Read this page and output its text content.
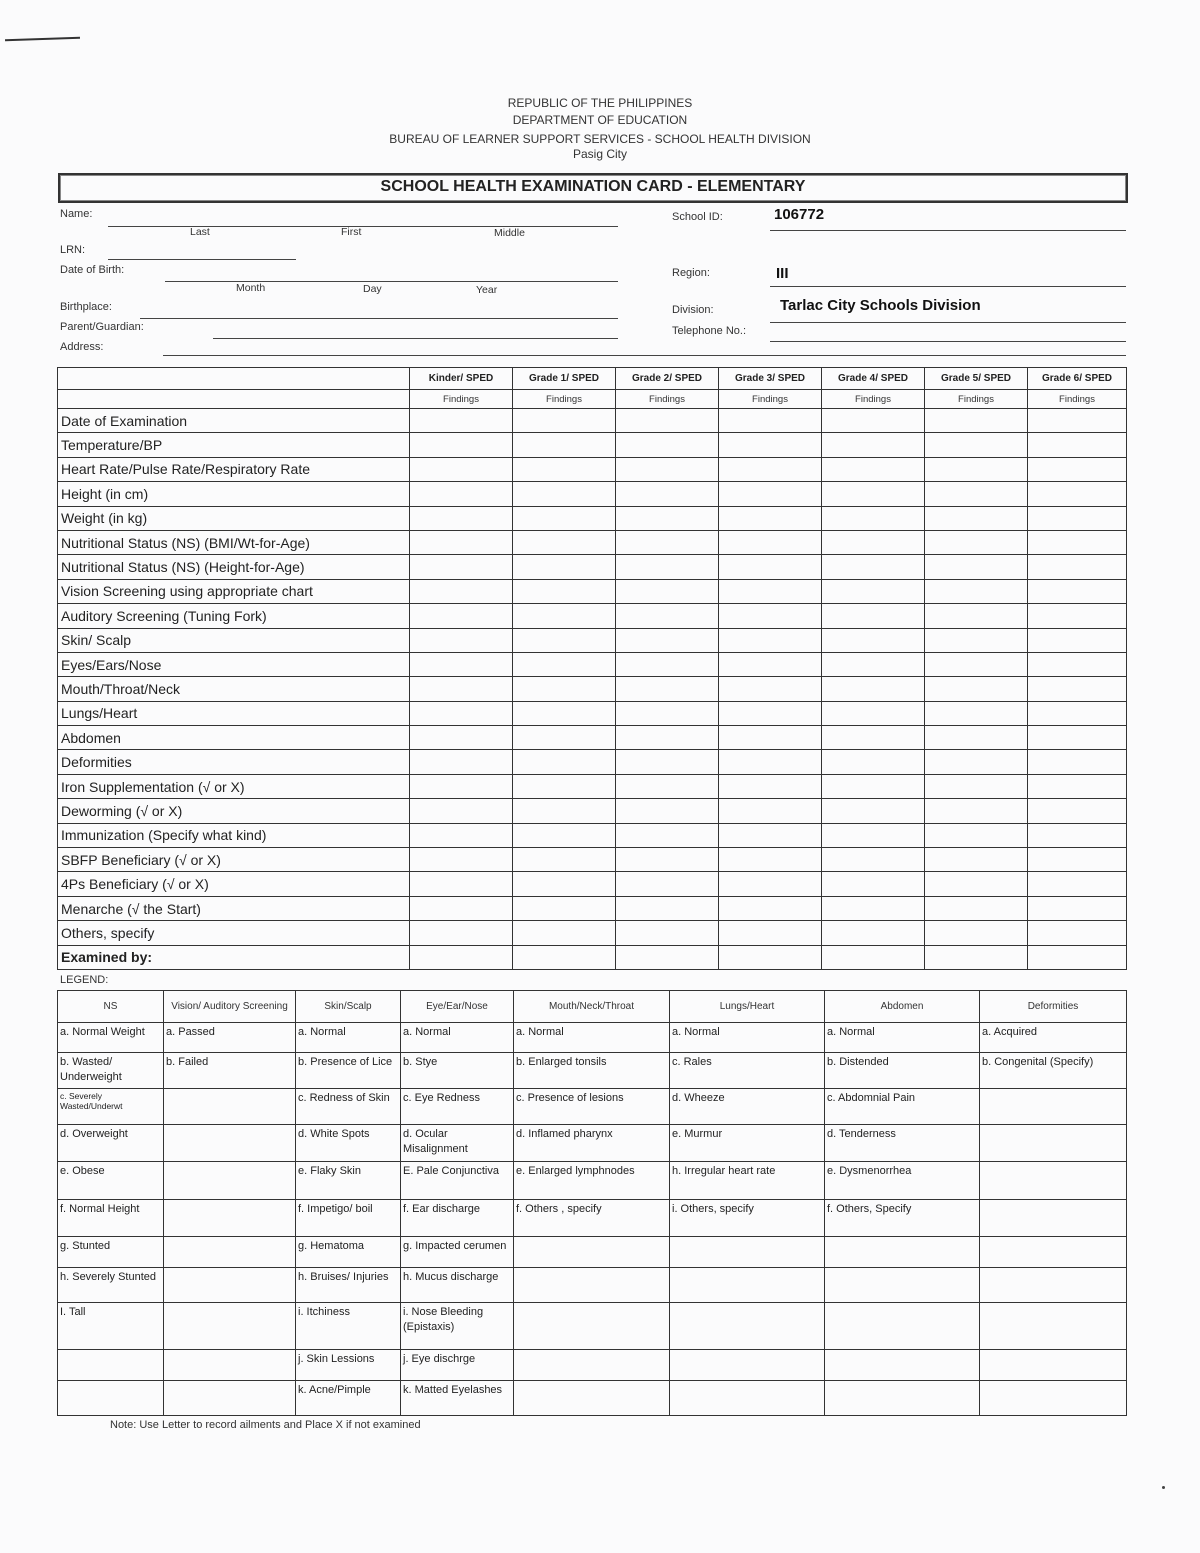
REPUBLIC OF THE PHILIPPINES
DEPARTMENT OF EDUCATION
BUREAU OF LEARNER SUPPORT SERVICES - SCHOOL HEALTH DIVISION
Pasig City
SCHOOL HEALTH EXAMINATION CARD - ELEMENTARY
Name:
Last	First	Middle
LRN:
Date of Birth:
Month	Day	Year
Birthplace:
Parent/Guardian:
Address:
School ID:	106772
Region:	III
Division:	Tarlac City Schools Division
Telephone No.:
	Kinder/ SPED	Grade 1/ SPED	Grade 2/ SPED	Grade 3/ SPED	Grade 4/ SPED	Grade 5/ SPED	Grade 6/ SPED
	Findings	Findings	Findings	Findings	Findings	Findings	Findings
Date of Examination							
Temperature/BP							
Heart Rate/Pulse Rate/Respiratory Rate							
Height (in cm)							
Weight (in kg)							
Nutritional Status (NS) (BMI/Wt-for-Age)							
Nutritional Status (NS) (Height-for-Age)							
Vision Screening using appropriate chart							
Auditory Screening (Tuning Fork)							
Skin/ Scalp							
Eyes/Ears/Nose							
Mouth/Throat/Neck							
Lungs/Heart							
Abdomen							
Deformities							
Iron Supplementation (√ or X)							
Deworming (√ or X)							
Immunization (Specify what kind)							
SBFP Beneficiary (√ or X)							
4Ps Beneficiary (√ or X)							
Menarche (√ the Start)							
Others, specify							
Examined by:							
LEGEND:
NS	Vision/ Auditory Screening	Skin/Scalp	Eye/Ear/Nose	Mouth/Neck/Throat	Lungs/Heart	Abdomen	Deformities
a. Normal Weight	a. Passed	a. Normal	a. Normal	a. Normal	a. Normal	a. Normal	a. Acquired
b. Wasted/ Underweight	b. Failed	b. Presence of Lice	b. Stye	b. Enlarged tonsils	c. Rales	b. Distended	b. Congenital (Specify)
c. Severely Wasted/Underwt		c. Redness of Skin	c. Eye Redness	c. Presence of lesions	d. Wheeze	c. Abdomnial Pain	
d. Overweight		d. White Spots	d. Ocular Misalignment	d. Inflamed pharynx	e. Murmur	d. Tenderness	
e. Obese		e. Flaky Skin	E. Pale Conjunctiva	e. Enlarged lymphnodes	h. Irregular heart rate	e. Dysmenorrhea	
f. Normal Height		f. Impetigo/ boil	f. Ear discharge	f. Others , specify	i. Others, specify	f. Others, Specify	
g. Stunted		g. Hematoma	g. Impacted cerumen				
h. Severely Stunted		h. Bruises/ Injuries	h. Mucus discharge				
I. Tall		i. Itchiness	i. Nose Bleeding (Epistaxis)				
		j. Skin Lessions	j. Eye dischrge				
		k. Acne/Pimple	k. Matted Eyelashes				
Note: Use Letter to record ailments and Place X if not examined
